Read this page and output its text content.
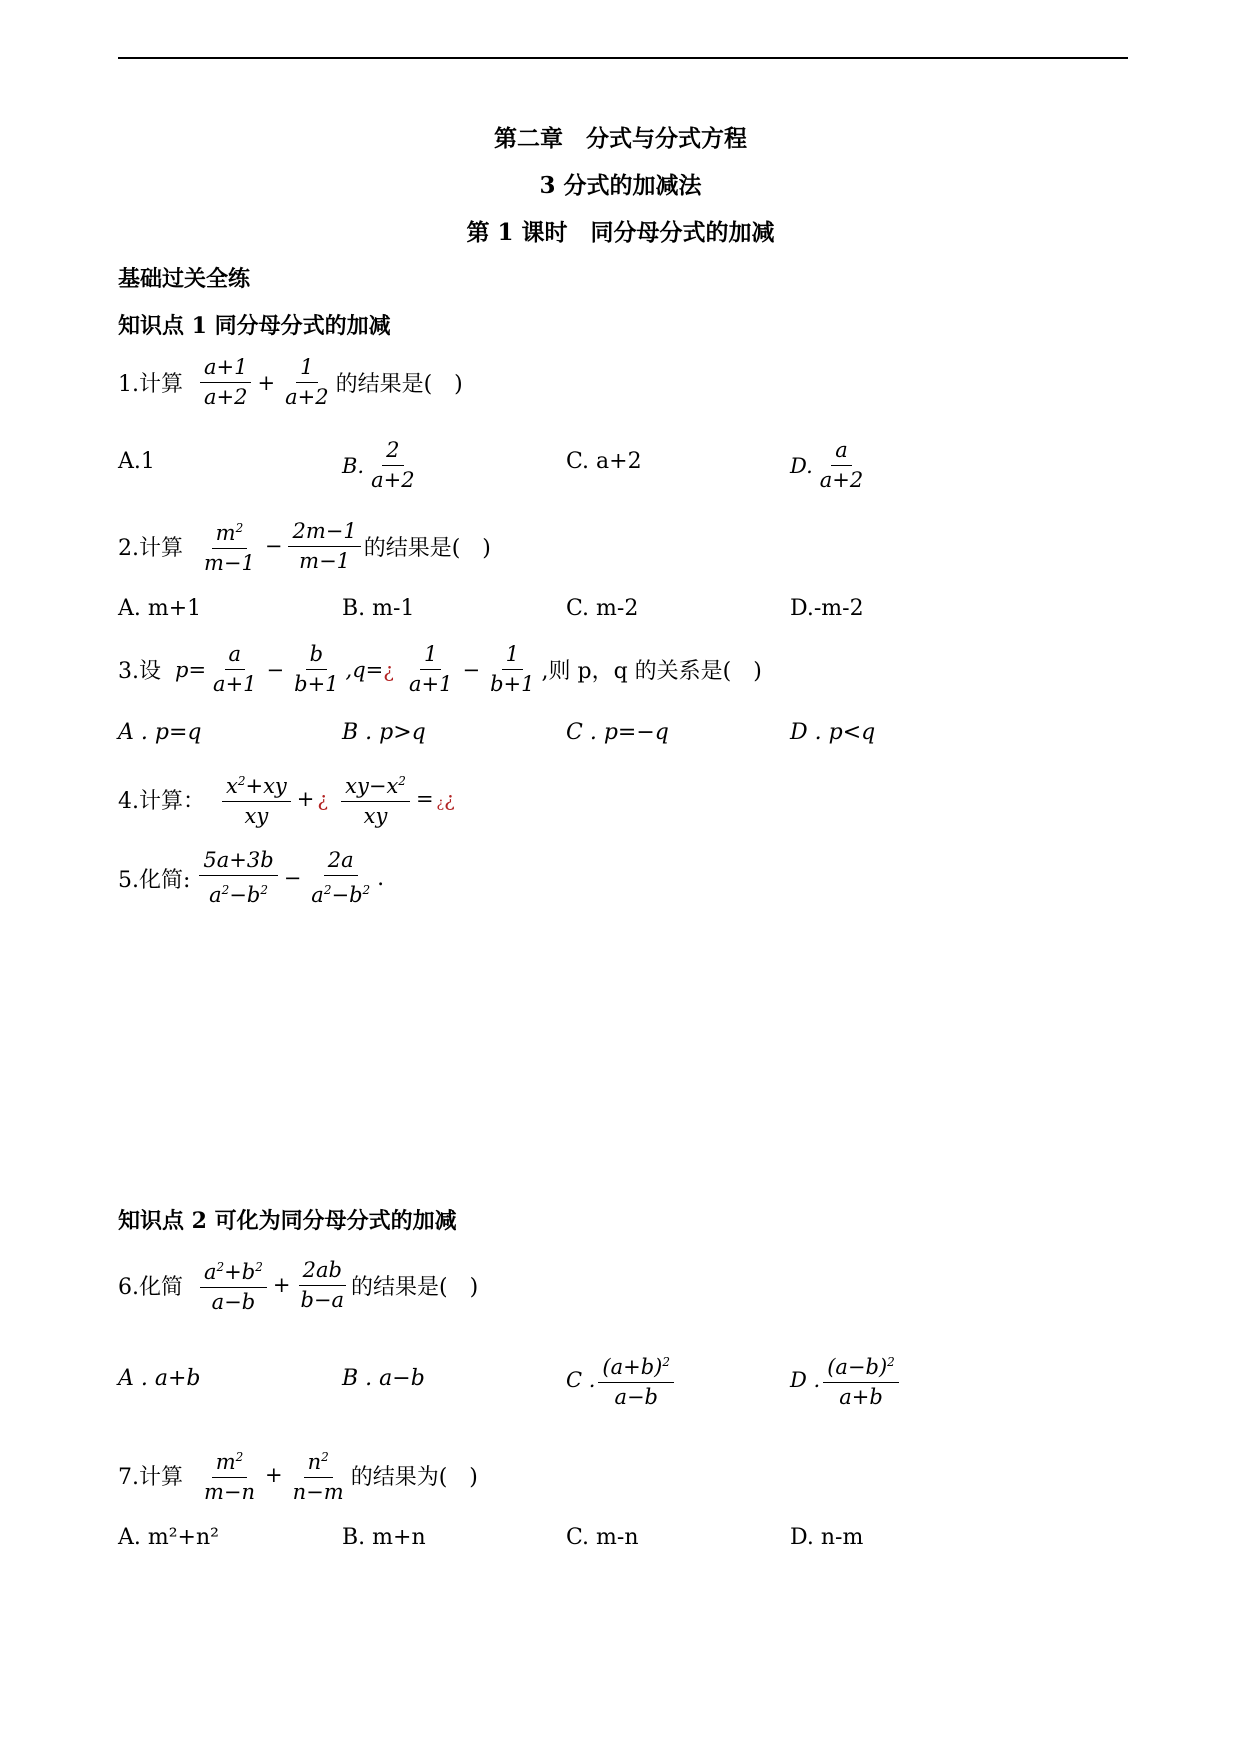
第二章　分式与分式方程
3 分式的加减法
第 1 课时　同分母分式的加减
基础过关全练
知识点 1 同分母分式的加减
1.计算 $\frac{a+1}{a+2} + \frac{1}{a+2}$ 的结果是(　)
A.1	B. $\frac{2}{a+2}$	C. a+2	D. $\frac{a}{a+2}$
2.计算 $\frac{m^2}{m-1} - \frac{2m-1}{m-1}$ 的结果是(　)
A. m+1	B. m-1	C. m-2	D.-m-2
3.设 $p= \frac{a}{a+1} - \frac{b}{b+1} ,q=$ ¿ $\frac{1}{a+1} - \frac{1}{b+1}$ ,则 p，q 的关系是(　)
A . p=q	B . p>q	C . p=−q	D . p<q
4.计算： $\frac{x^2+xy}{xy}$ + ¿ $\frac{xy-x^2}{xy}$ = ¿ ¿
5.化简: $\frac{5a+3b}{a^2-b^2} - \frac{2a}{a^2-b^2}$ .
知识点 2 可化为同分母分式的加减
6.化简 $\frac{a^2+b^2}{a-b} + \frac{2ab}{b-a}$ 的结果是(　)
A . a+b	B . a−b	C . $\frac{(a+b)^2}{a-b}$	D . $\frac{(a-b)^2}{a+b}$
7.计算 $\frac{m^2}{m-n} + \frac{n^2}{n-m}$ 的结果为(　)
A. m²+n²	B. m+n	C. m-n	D. n-m
